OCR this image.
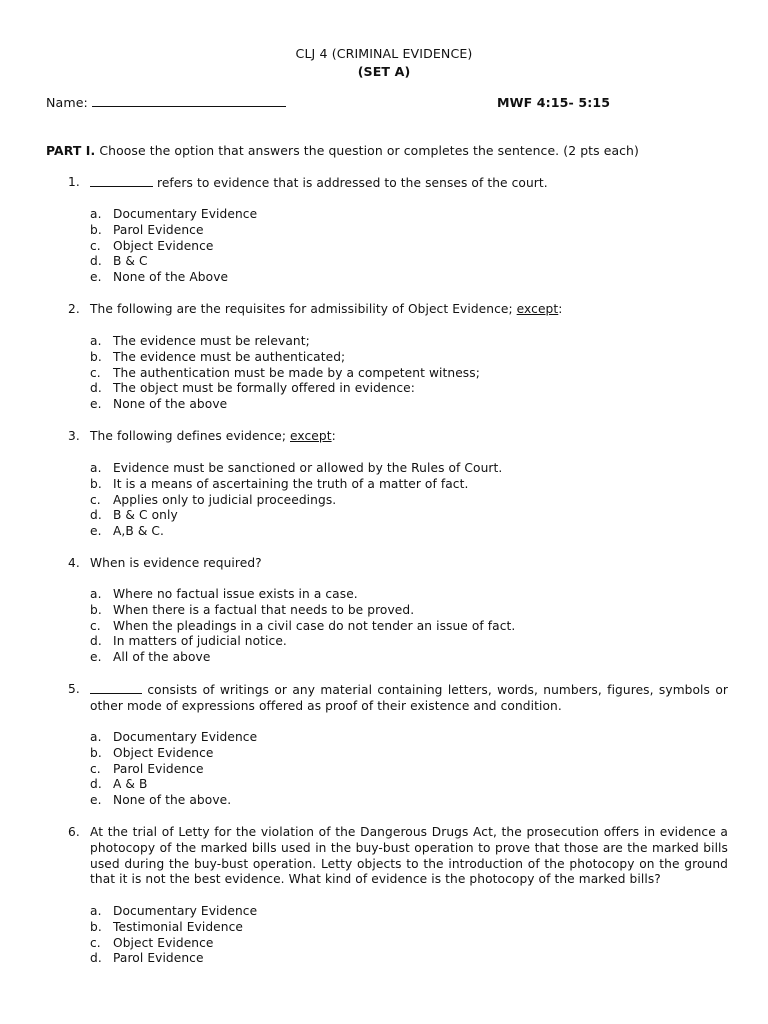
CLJ 4 (CRIMINAL EVIDENCE)
(SET A)
Name:	MWF 4:15- 5:15
PART I. Choose the option that answers the question or completes the sentence. (2 pts each)
1.	refers to evidence that is addressed to the senses of the court.
a. Documentary Evidence
b. Parol Evidence
c. Object Evidence
d. B & C
e. None of the Above
2. The following are the requisites for admissibility of Object Evidence; except:
a. The evidence must be relevant;
b. The evidence must be authenticated;
c. The authentication must be made by a competent witness;
d. The object must be formally offered in evidence:
e. None of the above
3. The following defines evidence; except:
a. Evidence must be sanctioned or allowed by the Rules of Court.
b. It is a means of ascertaining the truth of a matter of fact.
c. Applies only to judicial proceedings.
d. B & C only
e. A,B & C.
4. When is evidence required?
a. Where no factual issue exists in a case.
b. When there is a factual that needs to be proved.
c. When the pleadings in a civil case do not tender an issue of fact.
d. In matters of judicial notice.
e. All of the above
5.	consists of writings or any material containing letters, words, numbers, figures, symbols or other mode of expressions offered as proof of their existence and condition.
a. Documentary Evidence
b. Object Evidence
c. Parol Evidence
d. A & B
e. None of the above.
6. At the trial of Letty for the violation of the Dangerous Drugs Act, the prosecution offers in evidence a photocopy of the marked bills used in the buy-bust operation to prove that those are the marked bills used during the buy-bust operation. Letty objects to the introduction of the photocopy on the ground that it is not the best evidence. What kind of evidence is the photocopy of the marked bills?
a. Documentary Evidence
b. Testimonial Evidence
c. Object Evidence
d. Parol Evidence
